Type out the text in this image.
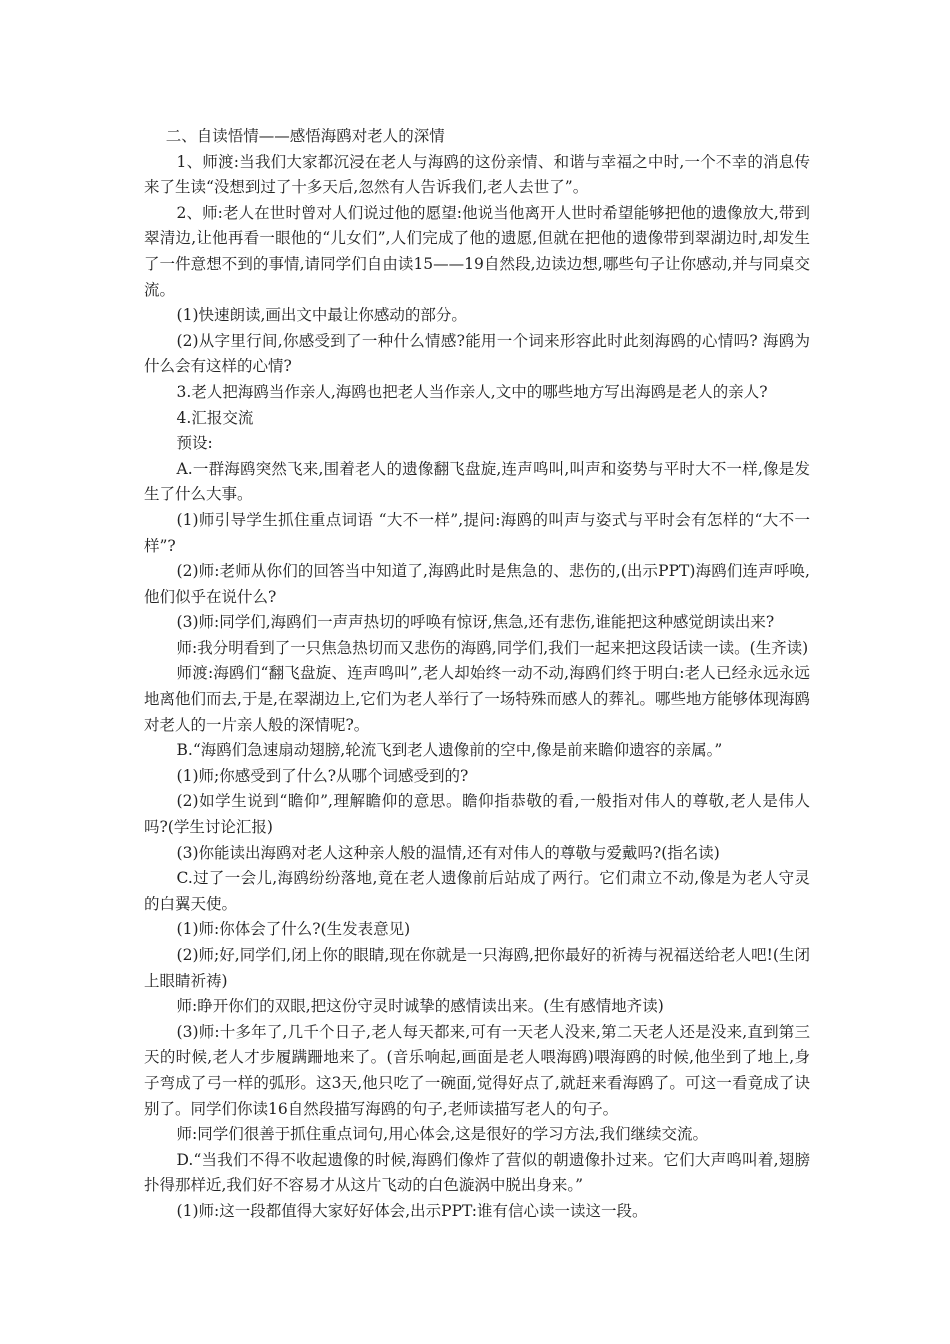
二、自读悟情——感悟海鸥对老人的深情

1、师渡:当我们大家都沉浸在老人与海鸥的这份亲情、和谐与幸福之中时,一个不幸的消息传来了生读“没想到过了十多天后,忽然有人告诉我们,老人去世了”。

2、师:老人在世时曾对人们说过他的愿望:他说当他离开人世时希望能够把他的遗像放大,带到翠清边,让他再看一眼他的“儿女们”,人们完成了他的遗愿,但就在把他的遗像带到翠湖边时,却发生了一件意想不到的事情,请同学们自由读15——19自然段,边读边想,哪些句子让你感动,并与同桌交流。

(1)快速朗读,画出文中最让你感动的部分。

(2)从字里行间,你感受到了一种什么情感?能用一个词来形容此时此刻海鸥的心情吗? 海鸥为什么会有这样的心情?

3.老人把海鸥当作亲人,海鸥也把老人当作亲人,文中的哪些地方写出海鸥是老人的亲人?

4.汇报交流

预设:

A.一群海鸥突然飞来,围着老人的遗像翻飞盘旋,连声鸣叫,叫声和姿势与平时大不一样,像是发生了什么大事。

(1)师引导学生抓住重点词语 “大不一样”,提问:海鸥的叫声与姿式与平时会有怎样的“大不一样”?

(2)师:老师从你们的回答当中知道了,海鸥此时是焦急的、悲伤的,(出示PPT)海鸥们连声呼唤,他们似乎在说什么?

(3)师:同学们,海鸥们一声声热切的呼唤有惊讶,焦急,还有悲伤,谁能把这种感觉朗读出来?

师:我分明看到了一只焦急热切而又悲伤的海鸥,同学们,我们一起来把这段话读一读。(生齐读)

师渡:海鸥们“翻飞盘旋、连声鸣叫”,老人却始终一动不动,海鸥们终于明白:老人已经永远永远地离他们而去,于是,在翠湖边上,它们为老人举行了一场特殊而感人的葬礼。哪些地方能够体现海鸥对老人的一片亲人般的深情呢?。

B.“海鸥们急速扇动翅膀,轮流飞到老人遗像前的空中,像是前来瞻仰遗容的亲属。”

(1)师;你感受到了什么?从哪个词感受到的?

(2)如学生说到“瞻仰”,理解瞻仰的意思。瞻仰指恭敬的看,一般指对伟人的尊敬,老人是伟人吗?(学生讨论汇报)

(3)你能读出海鸥对老人这种亲人般的温情,还有对伟人的尊敬与爱戴吗?(指名读)

C.过了一会儿,海鸥纷纷落地,竟在老人遗像前后站成了两行。它们肃立不动,像是为老人守灵的白翼天使。

(1)师:你体会了什么?(生发表意见)

(2)师;好,同学们,闭上你的眼睛,现在你就是一只海鸥,把你最好的祈祷与祝福送给老人吧!(生闭上眼睛祈祷)

师:睁开你们的双眼,把这份守灵时诚挚的感情读出来。(生有感情地齐读)

(3)师:十多年了,几千个日子,老人每天都来,可有一天老人没来,第二天老人还是没来,直到第三天的时候,老人才步履蹒跚地来了。(音乐响起,画面是老人喂海鸥)喂海鸥的时候,他坐到了地上,身子弯成了弓一样的弧形。这3天,他只吃了一碗面,觉得好点了,就赶来看海鸥了。可这一看竟成了诀别了。同学们你读16自然段描写海鸥的句子,老师读描写老人的句子。

师:同学们很善于抓住重点词句,用心体会,这是很好的学习方法,我们继续交流。

D.“当我们不得不收起遗像的时候,海鸥们像炸了营似的朝遗像扑过来。它们大声鸣叫着,翅膀扑得那样近,我们好不容易才从这片飞动的白色漩涡中脱出身来。”

(1)师:这一段都值得大家好好体会,出示PPT:谁有信心读一读这一段。
